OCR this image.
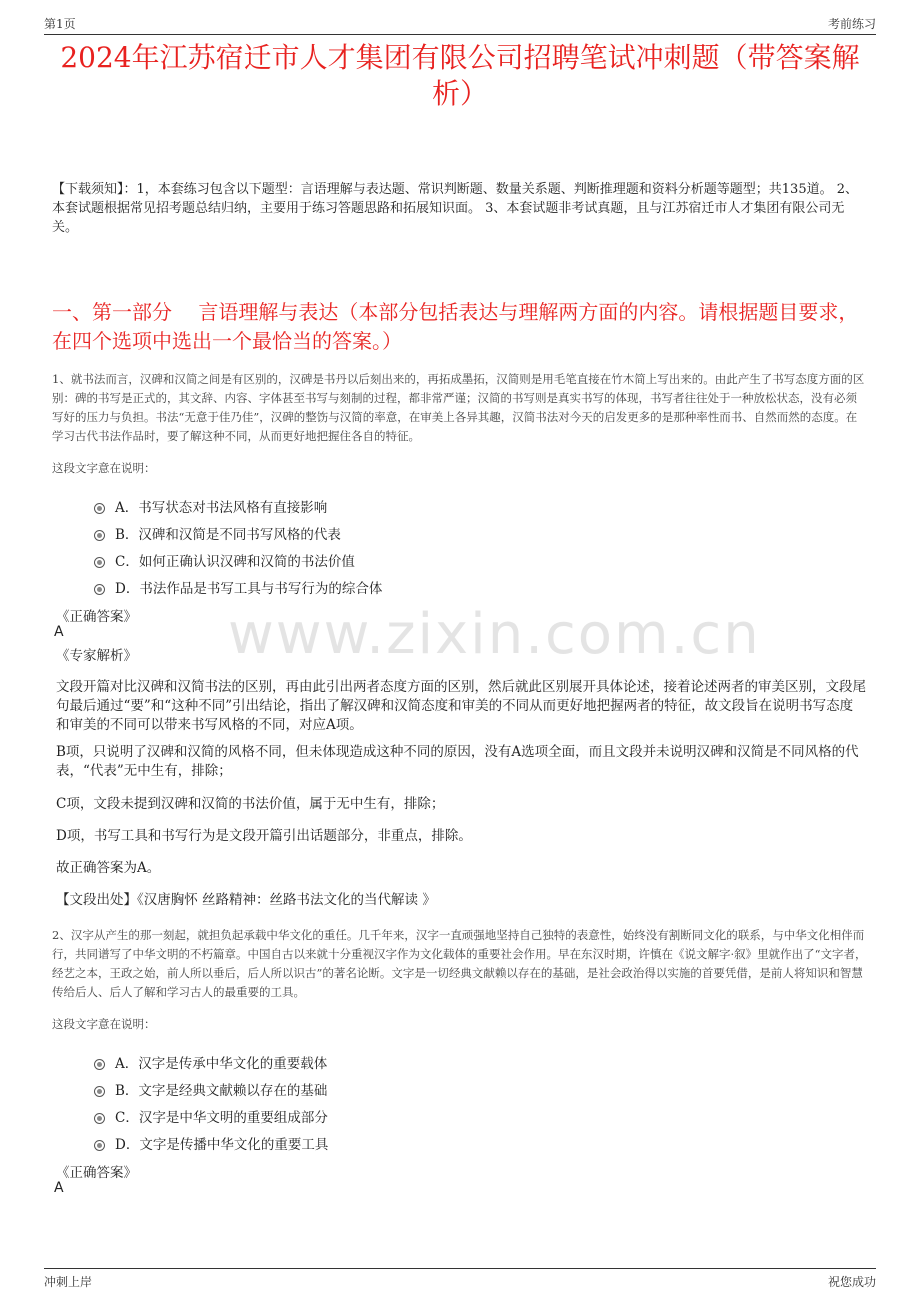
第1页	考前练习
2024年江苏宿迁市人才集团有限公司招聘笔试冲刺题（带答案解析）
【下载须知】：1，本套练习包含以下题型：言语理解与表达题、常识判断题、数量关系题、判断推理题和资料分析题等题型；共135道。 2、本套试题根据常见招考题总结归纳，主要用于练习答题思路和拓展知识面。 3、本套试题非考试真题，且与江苏宿迁市人才集团有限公司无关。
一、第一部分　 言语理解与表达（本部分包括表达与理解两方面的内容。请根据题目要求，在四个选项中选出一个最恰当的答案。）
1、就书法而言，汉碑和汉简之间是有区别的，汉碑是书丹以后刻出来的，再拓成墨拓，汉简则是用毛笔直接在竹木简上写出来的。由此产生了书写态度方面的区别：碑的书写是正式的，其文辞、内容、字体甚至书写与刻制的过程，都非常严谨；汉简的书写则是真实书写的体现，书写者往往处于一种放松状态，没有必须写好的压力与负担。书法“无意于佳乃佳”，汉碑的整饬与汉简的率意，在审美上各异其趣，汉简书法对今天的启发更多的是那种率性而书、自然而然的态度。在学习古代书法作品时，要了解这种不同，从而更好地把握住各自的特征。
这段文字意在说明：
A．书写状态对书法风格有直接影响
B．汉碑和汉简是不同书写风格的代表
C．如何正确认识汉碑和汉简的书法价值
D．书法作品是书写工具与书写行为的综合体
《正确答案》
A
《专家解析》
文段开篇对比汉碑和汉简书法的区别，再由此引出两者态度方面的区别，然后就此区别展开具体论述，接着论述两者的审美区别，文段尾句最后通过“要”和“这种不同”引出结论，指出了解汉碑和汉简态度和审美的不同从而更好地把握两者的特征，故文段旨在说明书写态度和审美的不同可以带来书写风格的不同，对应A项。
B项，只说明了汉碑和汉简的风格不同，但未体现造成这种不同的原因，没有A选项全面，而且文段并未说明汉碑和汉简是不同风格的代表，“代表”无中生有，排除；
C项，文段未提到汉碑和汉简的书法价值，属于无中生有，排除；
D项，书写工具和书写行为是文段开篇引出话题部分，非重点，排除。
故正确答案为A。
【文段出处】《汉唐胸怀 丝路精神：丝路书法文化的当代解读 》
2、汉字从产生的那一刻起，就担负起承载中华文化的重任。几千年来，汉字一直顽强地坚持自己独特的表意性，始终没有割断同文化的联系，与中华文化相伴而行，共同谱写了中华文明的不朽篇章。中国自古以来就十分重视汉字作为文化载体的重要社会作用。早在东汉时期，许慎在《说文解字·叙》里就作出了“文字者，经艺之本，王政之始，前人所以垂后，后人所以识古”的著名论断。文字是一切经典文献赖以存在的基础，是社会政治得以实施的首要凭借，是前人将知识和智慧传给后人、后人了解和学习古人的最重要的工具。
这段文字意在说明：
A．汉字是传承中华文化的重要载体
B．文字是经典文献赖以存在的基础
C．汉字是中华文明的重要组成部分
D．文字是传播中华文化的重要工具
《正确答案》
A
www.zixin.com.cn
冲刺上岸	祝您成功
